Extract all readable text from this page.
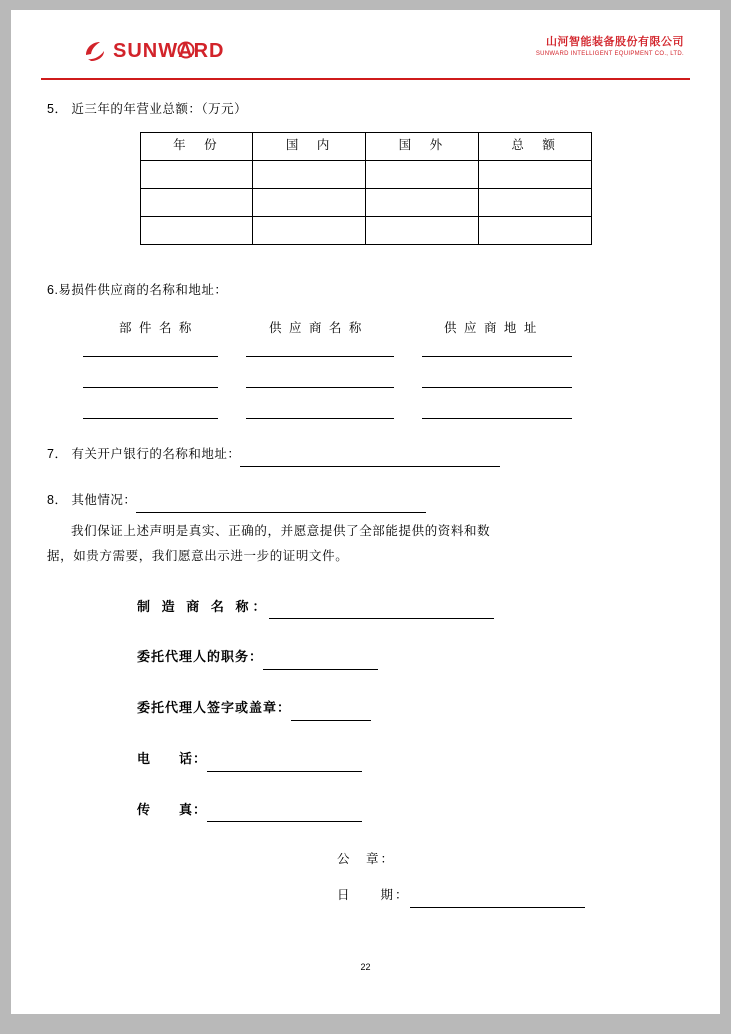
SUNWARD	山河智能装备股份有限公司
SUNWARD INTELLIGENT EQUIPMENT CO., LTD.
5． 近三年的年营业总额：（万元）
年　份	国　内	国　外	总　额

6.易损件供应商的名称和地址：
部 件 名 称	供 应 商 名 称	供 应 商 地 址
7． 有关开户银行的名称和地址：
8． 其他情况：
我们保证上述声明是真实、正确的，并愿意提供了全部能提供的资料和数
据，如贵方需要，我们愿意出示进一步的证明文件。
制 造 商 名 称：
委托代理人的职务：
委托代理人签字或盖章：
电　　话：
传　　真：
公　章：
日　　期：
22
